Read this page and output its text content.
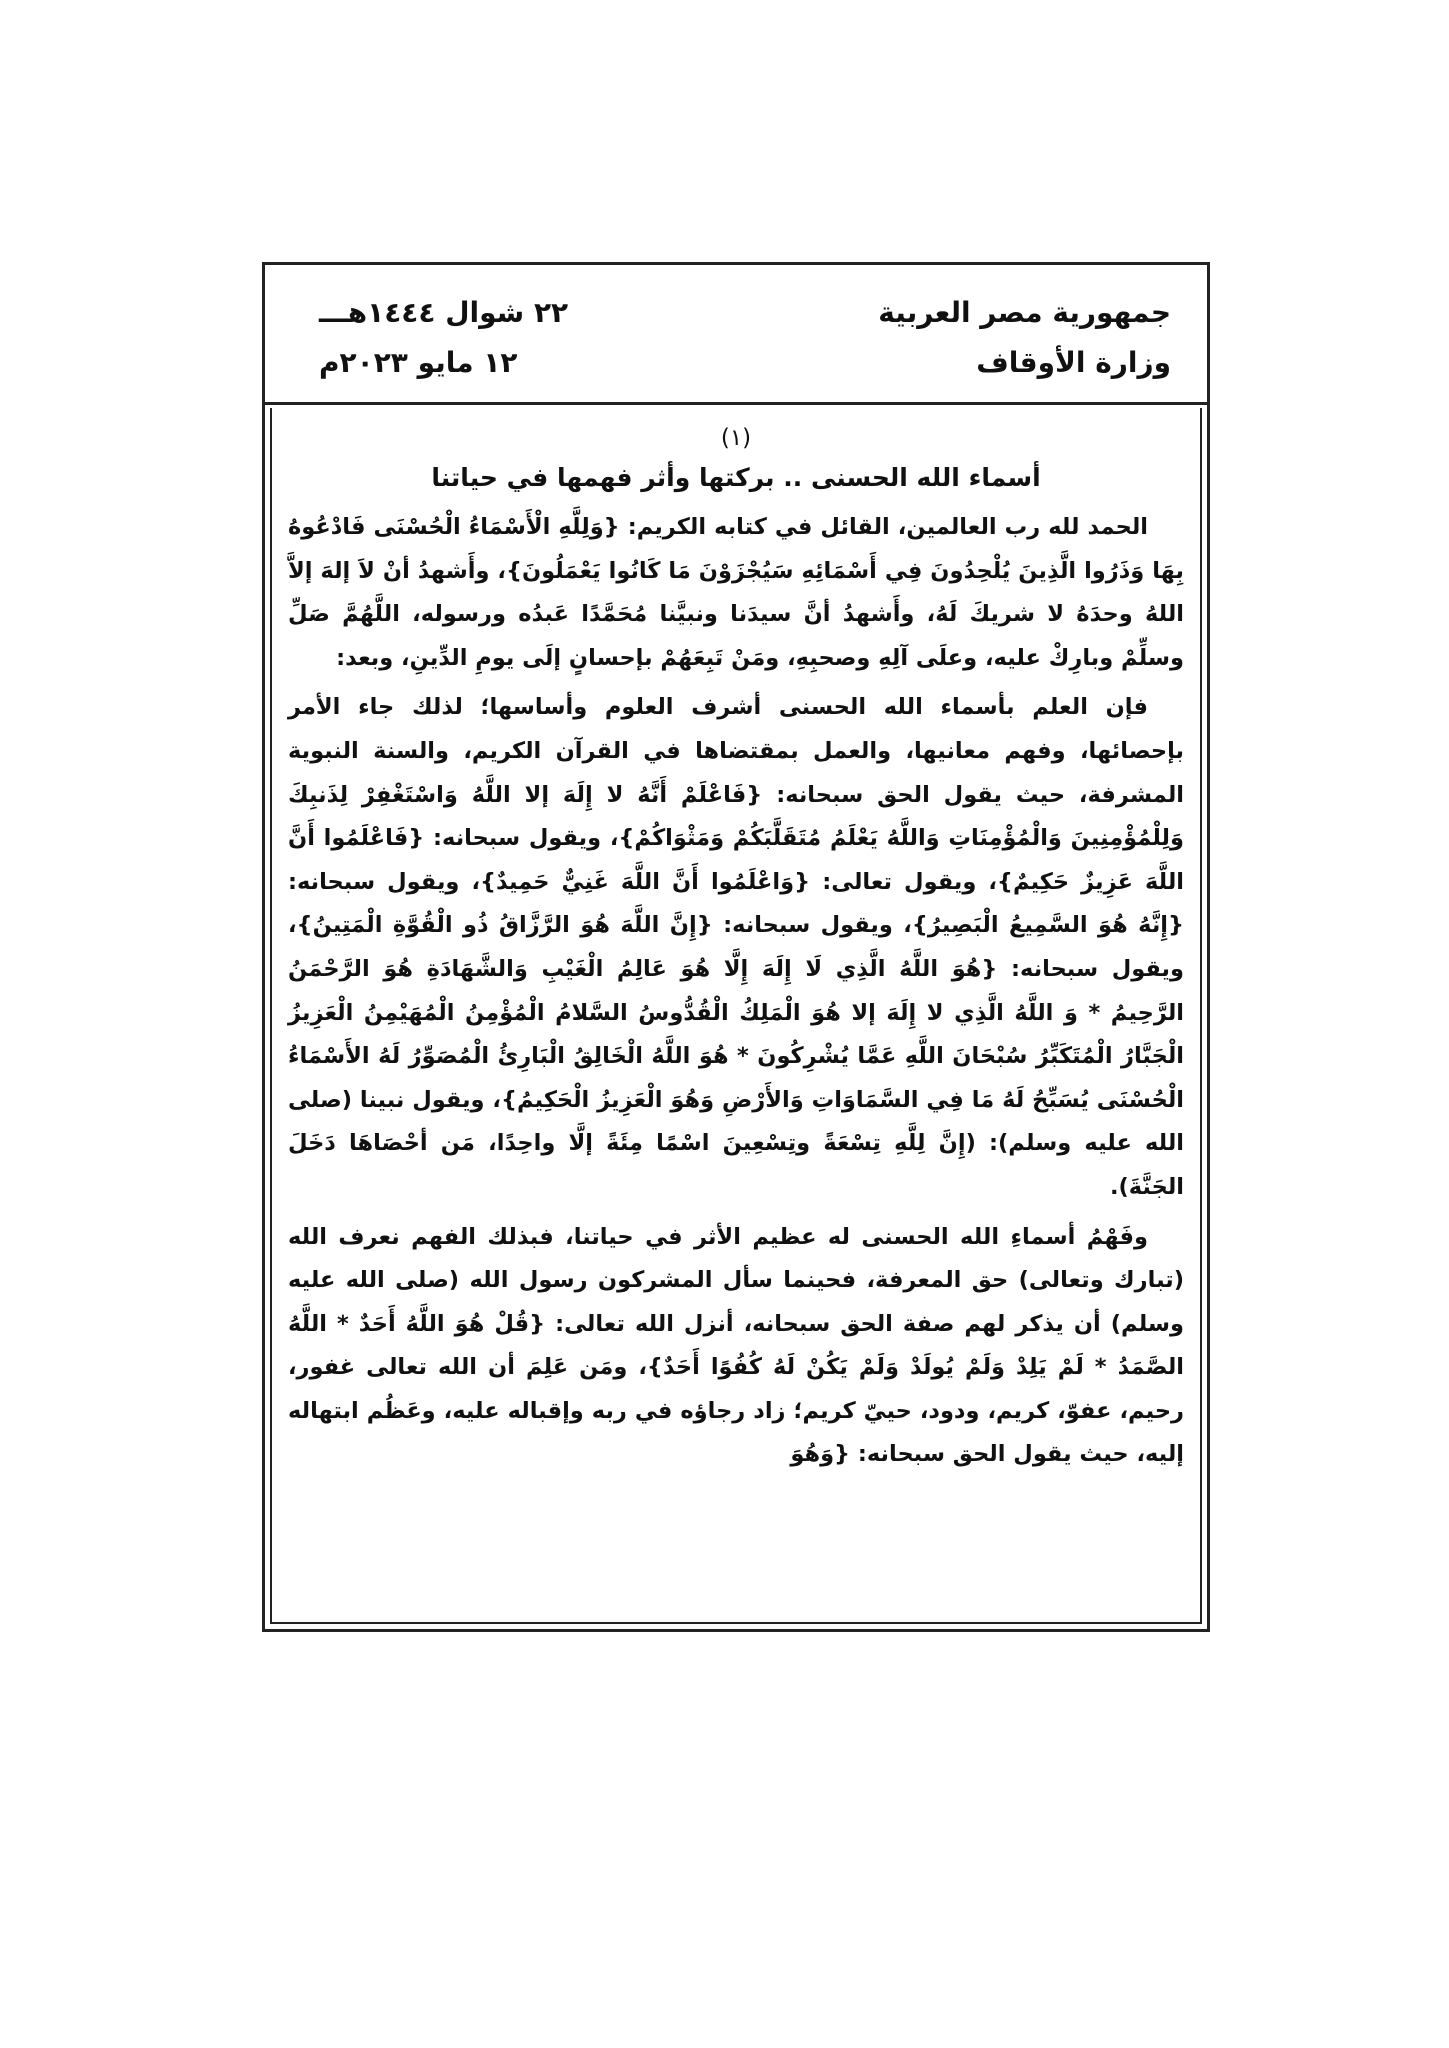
جمهورية مصر العربية
وزارة الأوقاف
٢٢ شوال ١٤٤٤هـــ
١٢ مايو ٢٠٢٣م

(١)

أسماء الله الحسنى .. بركتها وأثر فهمها في حياتنا

الحمد لله رب العالمين، القائل في كتابه الكريم: {وَلِلَّهِ الْأَسْمَاءُ الْحُسْنَى فَادْعُوهُ بِهَا وَذَرُوا الَّذِينَ يُلْحِدُونَ فِي أَسْمَائِهِ سَيُجْزَوْنَ مَا كَانُوا يَعْمَلُونَ}، وأَشهدُ أنْ لاَ إلهَ إلاَّ اللهُ وحدَهُ لا شريكَ لَهُ، وأَشهدُ أنَّ سيدَنا ونبيَّنا مُحَمَّدًا عَبدُه ورسوله، اللَّهُمَّ صَلِّ وسلِّمْ وبارِكْ عليه، وعلَى آلِهِ وصحبِهِ، ومَنْ تَبِعَهُمْ بإحسانٍ إلَى يومِ الدِّينِ، وبعد:

فإن العلم بأسماء الله الحسنى أشرف العلوم وأساسها؛ لذلك جاء الأمر بإحصائها، وفهم معانيها، والعمل بمقتضاها في القرآن الكريم، والسنة النبوية المشرفة، حيث يقول الحق سبحانه: {فَاعْلَمْ أَنَّهُ لا إِلَهَ إلا اللَّهُ وَاسْتَغْفِرْ لِذَنبِكَ وَلِلْمُؤْمِنِينَ وَالْمُؤْمِنَاتِ وَاللَّهُ يَعْلَمُ مُتَقَلَّبَكُمْ وَمَثْوَاكُمْ}، ويقول سبحانه: {فَاعْلَمُوا أَنَّ اللَّهَ عَزِيزٌ حَكِيمٌ}، ويقول تعالى: {وَاعْلَمُوا أَنَّ اللَّهَ غَنِيٌّ حَمِيدٌ}، ويقول سبحانه: {إِنَّهُ هُوَ السَّمِيعُ الْبَصِيرُ}، ويقول سبحانه: {إِنَّ اللَّهَ هُوَ الرَّزَّاقُ ذُو الْقُوَّةِ الْمَتِينُ}، ويقول سبحانه: {هُوَ اللَّهُ الَّذِي لَا إِلَهَ إِلَّا هُوَ عَالِمُ الْغَيْبِ وَالشَّهَادَةِ هُوَ الرَّحْمَنُ الرَّحِيمُ * وَ اللَّهُ الَّذِي لا إِلَهَ إلا هُوَ الْمَلِكُ الْقُدُّوسُ السَّلامُ الْمُؤْمِنُ الْمُهَيْمِنُ الْعَزِيزُ الْجَبَّارُ الْمُتَكَبِّرُ سُبْحَانَ اللَّهِ عَمَّا يُشْرِكُونَ * هُوَ اللَّهُ الْخَالِقُ الْبَارِئُ الْمُصَوِّرُ لَهُ الأَسْمَاءُ الْحُسْنَى يُسَبِّحُ لَهُ مَا فِي السَّمَاوَاتِ وَالأَرْضِ وَهُوَ الْعَزِيزُ الْحَكِيمُ}، ويقول نبينا (صلى الله عليه وسلم): (إِنَّ لِلَّهِ تِسْعَةً وتِسْعِينَ اسْمًا مِئَةً إلَّا واحِدًا، مَن أحْصَاهَا دَخَلَ الجَنَّةَ).

وفَهْمُ أسماءِ الله الحسنى له عظيم الأثر في حياتنا، فبذلك الفهم نعرف الله (تبارك وتعالى) حق المعرفة، فحينما سأل المشركون رسول الله (صلى الله عليه وسلم) أن يذكر لهم صفة الحق سبحانه، أنزل الله تعالى: {قُلْ هُوَ اللَّهُ أَحَدٌ * اللَّهُ الصَّمَدُ * لَمْ يَلِدْ وَلَمْ يُولَدْ وَلَمْ يَكُنْ لَهُ كُفُوًا أَحَدٌ}، ومَن عَلِمَ أن الله تعالى غفور، رحيم، عفوّ، كريم، ودود، حييّ كريم؛ زاد رجاؤه في ربه وإقباله عليه، وعَظُم ابتهاله إليه، حيث يقول الحق سبحانه: {وَهُوَ
